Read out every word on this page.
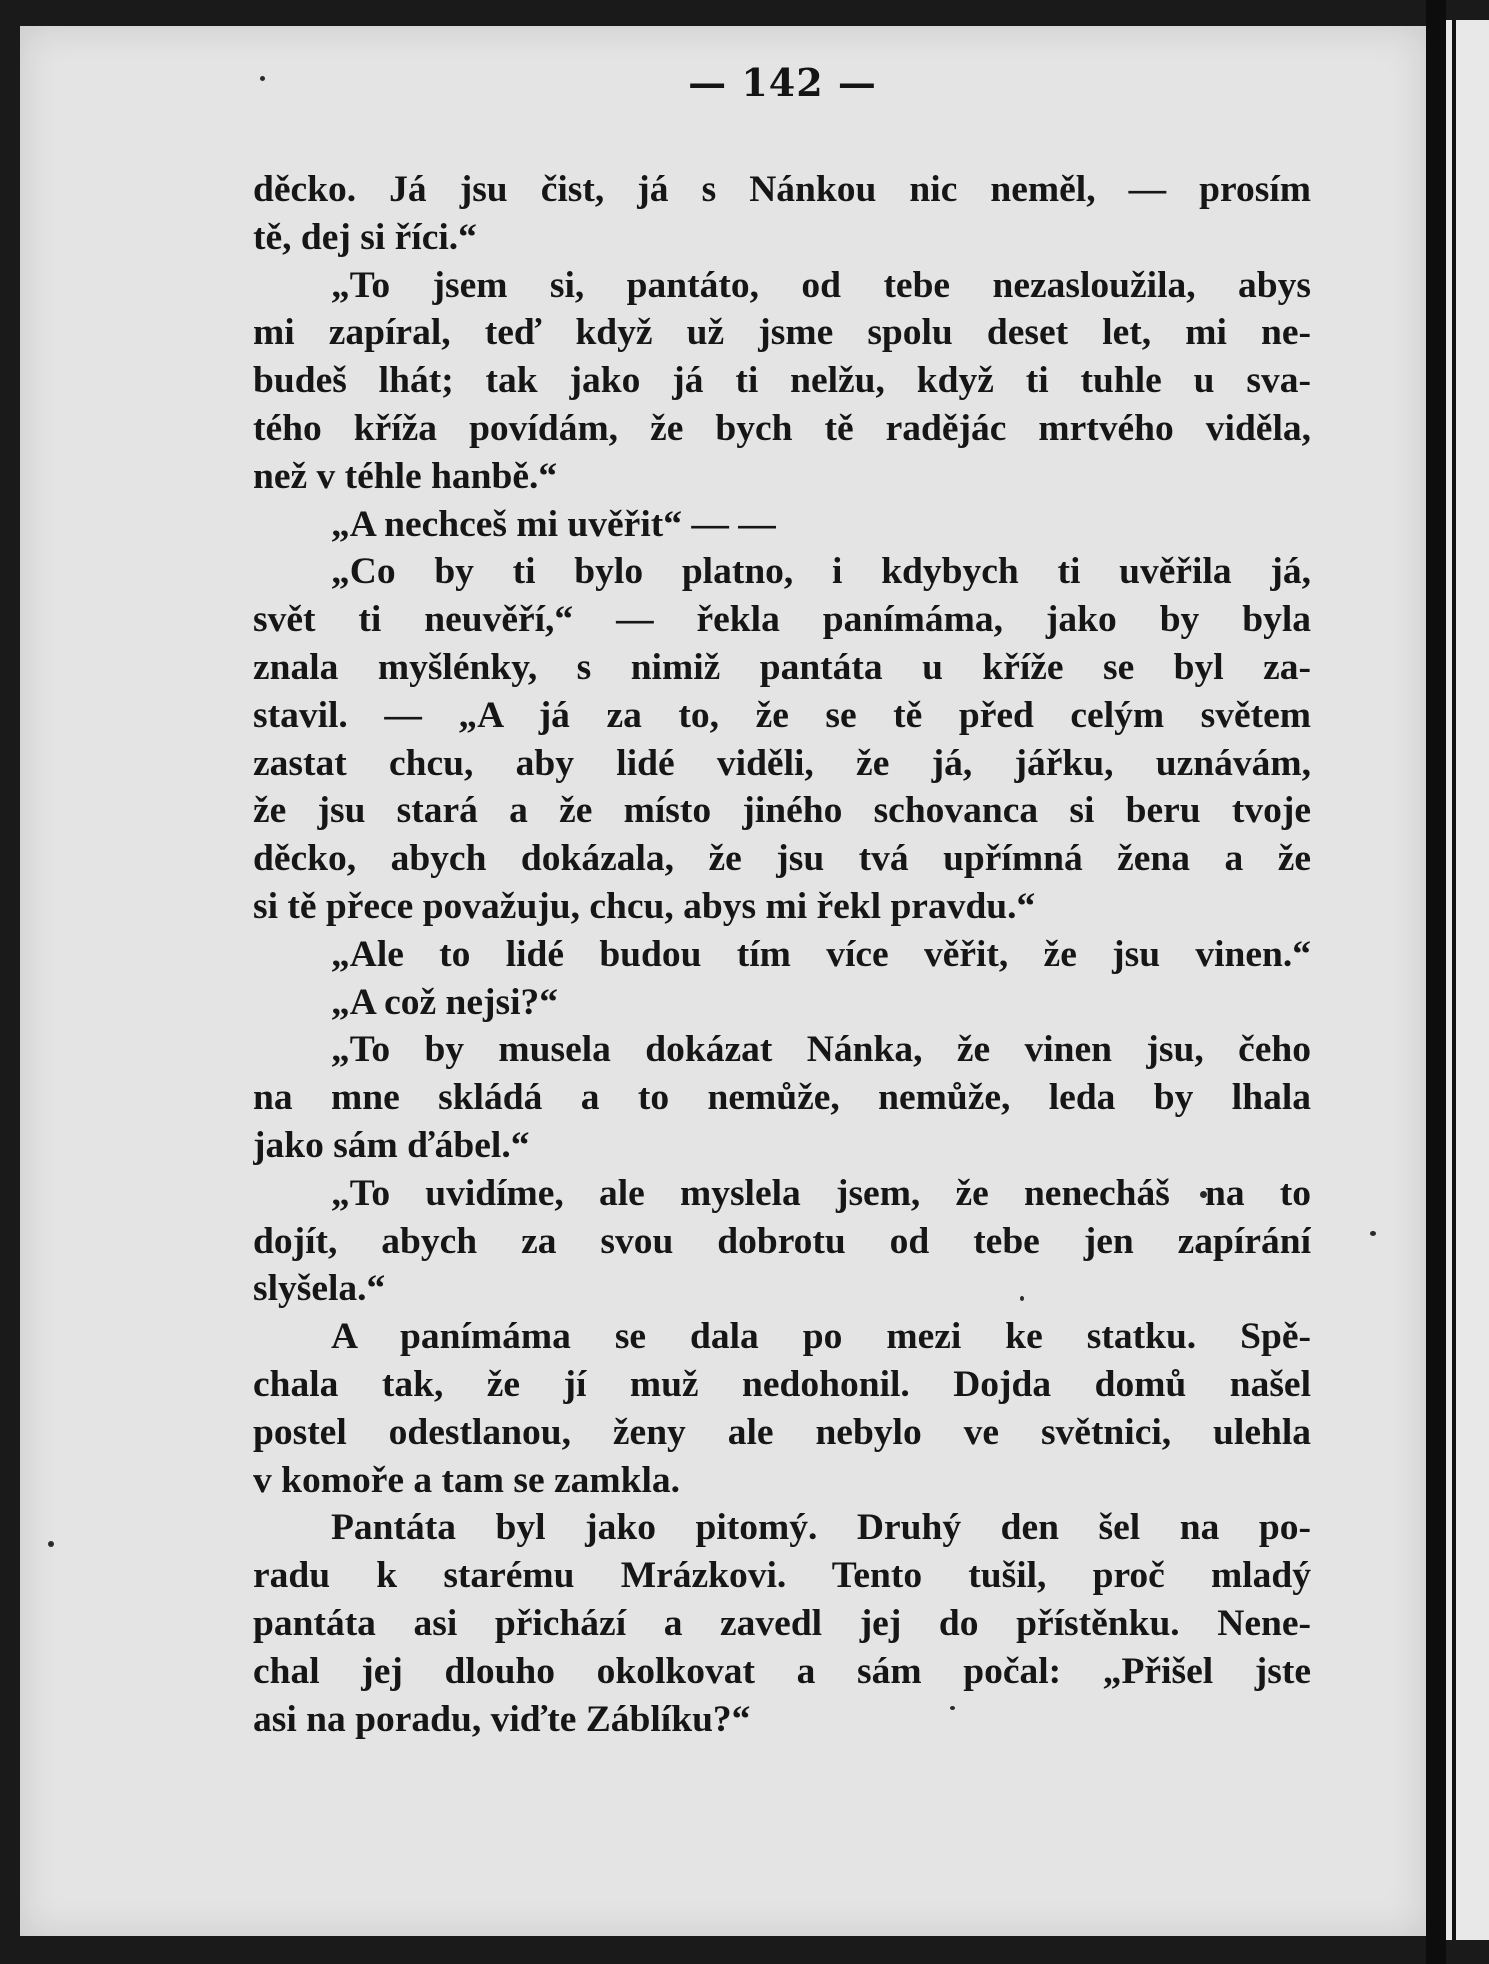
— 142 —
děcko. Já jsu čist, já s Nánkou nic neměl, — prosím
tě, dej si říci.“
„To jsem si, pantáto, od tebe nezasloužila, abys
mi zapíral, teď když už jsme spolu deset let, mi ne-
budeš lhát; tak jako já ti nelžu, když ti tuhle u sva-
tého kříža povídám, že bych tě radějác mrtvého viděla,
než v téhle hanbě.“
„A nechceš mi uvěřit“ — —
„Co by ti bylo platno, i kdybych ti uvěřila já,
svět ti neuvěří,“ — řekla panímáma, jako by byla
znala myšlénky, s nimiž pantáta u kříže se byl za-
stavil. — „A já za to, že se tě před celým světem
zastat chcu, aby lidé viděli, že já, jářku, uznávám,
že jsu stará a že místo jiného schovanca si beru tvoje
děcko, abych dokázala, že jsu tvá upřímná žena a že
si tě přece považuju, chcu, abys mi řekl pravdu.“
„Ale to lidé budou tím více věřit, že jsu vinen.“
„A což nejsi?“
„To by musela dokázat Nánka, že vinen jsu, čeho
na mne skládá a to nemůže, nemůže, leda by lhala
jako sám ďábel.“
„To uvidíme, ale myslela jsem, že nenecháš na to
dojít, abych za svou dobrotu od tebe jen zapírání
slyšela.“
A panímáma se dala po mezi ke statku. Spě-
chala tak, že jí muž nedohonil. Dojda domů našel
postel odestlanou, ženy ale nebylo ve světnici, ulehla
v komoře a tam se zamkla.
Pantáta byl jako pitomý. Druhý den šel na po-
radu k starému Mrázkovi. Tento tušil, proč mladý
pantáta asi přichází a zavedl jej do přístěnku. Nene-
chal jej dlouho okolkovat a sám počal: „Přišel jste
asi na poradu, viďte Záblíku?“
